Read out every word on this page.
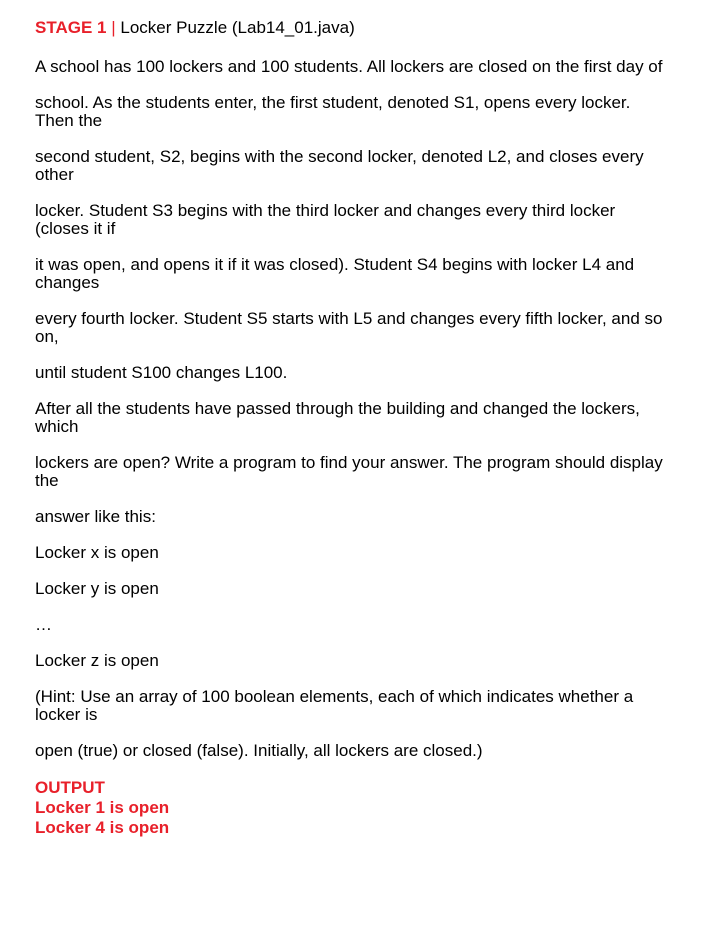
STAGE 1 | Locker Puzzle (Lab14_01.java)

A school has 100 lockers and 100 students. All lockers are closed on the first day of

school. As the students enter, the first student, denoted S1, opens every locker. Then the

second student, S2, begins with the second locker, denoted L2, and closes every other

locker. Student S3 begins with the third locker and changes every third locker (closes it if

it was open, and opens it if it was closed). Student S4 begins with locker L4 and changes

every fourth locker. Student S5 starts with L5 and changes every fifth locker, and so on,

until student S100 changes L100.

After all the students have passed through the building and changed the lockers, which

lockers are open? Write a program to find your answer. The program should display the

answer like this:

Locker x is open

Locker y is open

…

Locker z is open

(Hint: Use an array of 100 boolean elements, each of which indicates whether a locker is

open (true) or closed (false). Initially, all lockers are closed.)

OUTPUT

Locker 1 is open

Locker 4 is open
